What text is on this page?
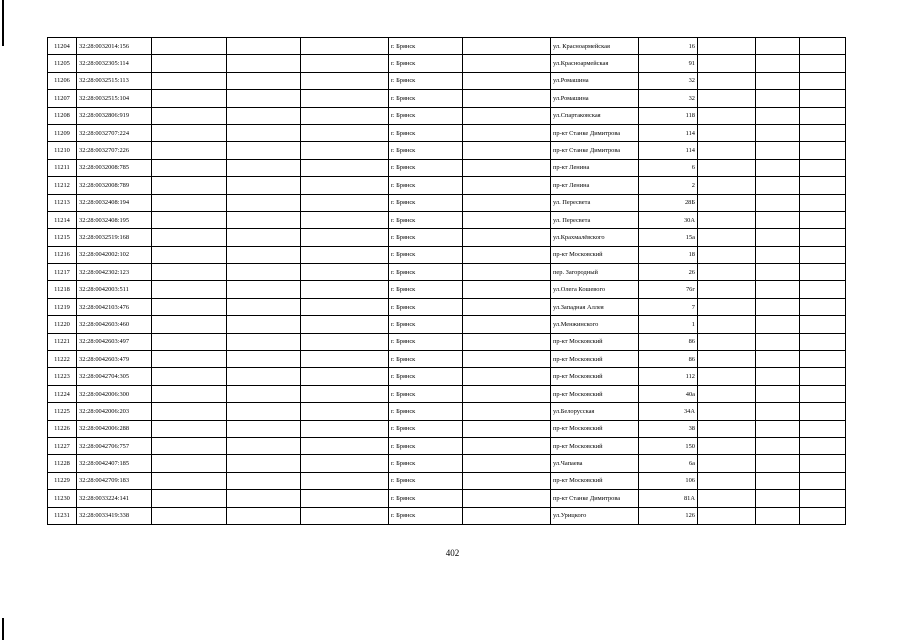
11204	32:28:0032014:156				г. Брянск		ул. Красноармейская	16			
11205	32:28:0032305:114				г. Брянск		ул.Красноармейская	91			
11206	32:28:0032515:113				г. Брянск		ул.Ромашина	32			
11207	32:28:0032515:104				г. Брянск		ул.Ромашина	32			
11208	32:28:0032806:919				г. Брянск		ул.Спартаковская	118			
11209	32:28:0032707:224				г. Брянск		пр-кт Станке Димитрова	114			
11210	32:28:0032707:226				г. Брянск		пр-кт Станке Димитрова	114			
11211	32:28:0032008:785				г. Брянск		пр-кт Ленина	6			
11212	32:28:0032008:789				г. Брянск		пр-кт Ленина	2			
11213	32:28:0032408:194				г. Брянск		ул. Пересвета	28Б			
11214	32:28:0032408:195				г. Брянск		ул. Пересвета	30А			
11215	32:28:0032519:168				г. Брянск		ул.Крахмалёвского	15а			
11216	32:28:0042002:102				г. Брянск		пр-кт Московский	18			
11217	32:28:0042302:123				г. Брянск		пер. Загородный	26			
11218	32:28:0042003:511				г. Брянск		ул.Олега Кошевого	76г			
11219	32:28:0042103:476				г. Брянск		ул.Западная Аллея	7			
11220	32:28:0042603:460				г. Брянск		ул.Менжинского	1			
11221	32:28:0042603:497				г. Брянск		пр-кт Московский	86			
11222	32:28:0042603:479				г. Брянск		пр-кт Московский	86			
11223	32:28:0042704:305				г. Брянск		пр-кт Московский	112			
11224	32:28:0042006:300				г. Брянск		пр-кт Московский	40а			
11225	32:28:0042006:203				г. Брянск		ул.Белорусская	34А			
11226	32:28:0042006:288				г. Брянск		пр-кт Московский	38			
11227	32:28:0042706:757				г. Брянск		пр-кт Московский	150			
11228	32:28:0042407:185				г. Брянск		ул.Чапаева	6а			
11229	32:28:0042709:183				г. Брянск		пр-кт Московский	106			
11230	32:28:0033224:141				г. Брянск		пр-кт Станке Димитрова	81А			
11231	32:28:0033419:338				г. Брянск		ул.Урицкого	126			
402
